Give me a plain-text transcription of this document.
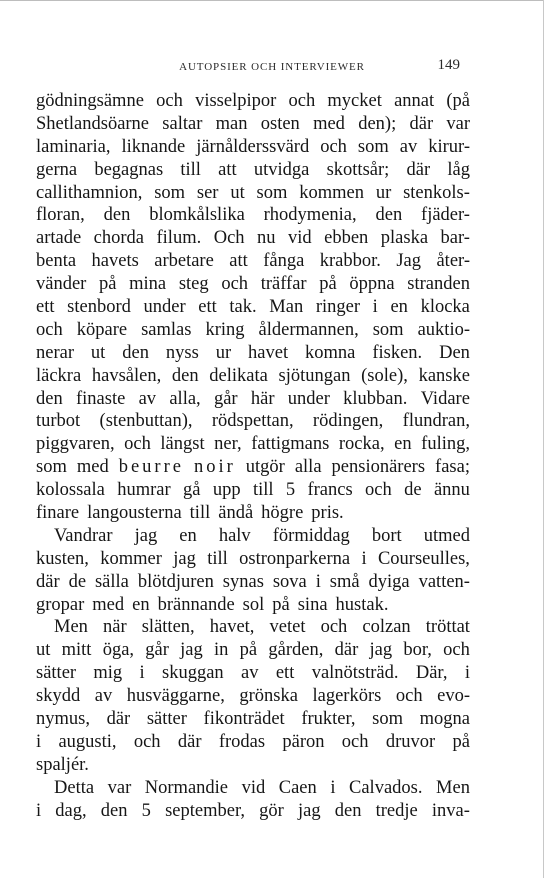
AUTOPSIER OCH INTERVIEWER	149
gödningsämne och visselpipor och mycket annat (på
Shetlandsöarne saltar man osten med den); där var
laminaria, liknande järnålderssvärd och som av kirur-
gerna begagnas till att utvidga skottsår; där låg
callithamnion, som ser ut som kommen ur stenkols-
floran, den blomkålslika rhodymenia, den fjäder-
artade chorda filum. Och nu vid ebben plaska bar-
benta havets arbetare att fånga krabbor. Jag åter-
vänder på mina steg och träffar på öppna stranden
ett stenbord under ett tak. Man ringer i en klocka
och köpare samlas kring åldermannen, som auktio-
nerar ut den nyss ur havet komna fisken. Den
läckra havsålen, den delikata sjötungan (sole), kanske
den finaste av alla, går här under klubban. Vidare
turbot (stenbuttan), rödspettan, rödingen, flundran,
piggvaren, och längst ner, fattigmans rocka, en fuling,
som med beurre noir utgör alla pensionärers fasa;
kolossala humrar gå upp till 5 francs och de ännu
finare langousterna till ändå högre pris.
Vandrar jag en halv förmiddag bort utmed
kusten, kommer jag till ostronparkerna i Courseulles,
där de sälla blötdjuren synas sova i små dyiga vatten-
gropar med en brännande sol på sina hustak.
Men när slätten, havet, vetet och colzan tröttat
ut mitt öga, går jag in på gården, där jag bor, och
sätter mig i skuggan av ett valnötsträd. Där, i
skydd av husväggarne, grönska lagerkörs och evo-
nymus, där sätter fikonträdet frukter, som mogna
i augusti, och där frodas päron och druvor på
spaljér.
Detta var Normandie vid Caen i Calvados. Men
i dag, den 5 september, gör jag den tredje inva-
